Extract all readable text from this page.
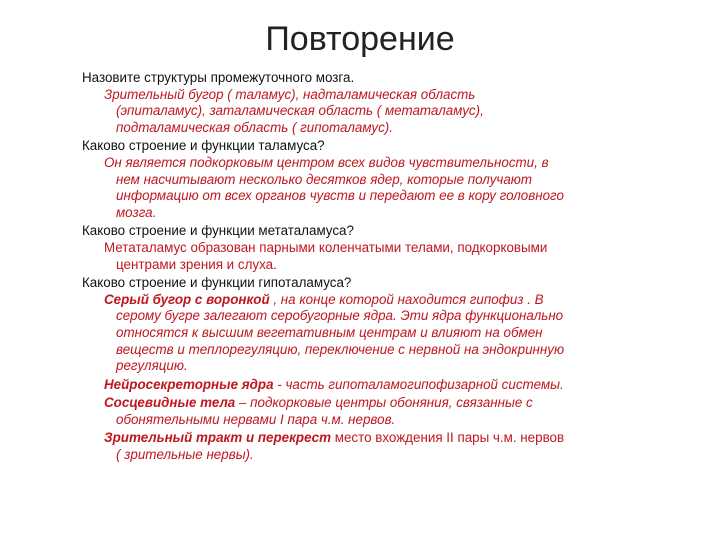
Повторение

Назовите структуры промежуточного мозга.

Зрительный бугор ( таламус), надталамическая область
(эпиталамус), заталамическая область ( метаталамус),
подталамическая область ( гипоталамус).

Каково строение и функции таламуса?

Он является подкорковым центром всех видов чувствительности, в
нем насчитывают несколько десятков ядер, которые получают
информацию от всех органов чувств и передают ее в кору головного
мозга.

Каково строение и функции метаталамуса?

Метаталамус образован парными коленчатыми телами, подкорковыми
центрами зрения и слуха.

Каково строение и функции гипоталамуса?

Серый бугор с воронкой , на конце которой находится гипофиз . В
серому бугре залегают серобугорные ядра. Эти ядра функционально
относятся к высшим вегетативным центрам и влияют на обмен
веществ и теплорегуляцию, переключение с нервной на эндокринную
регуляцию.

Нейросекреторные ядра - часть гипоталамогипофизарной системы.

Сосцевидные тела – подкорковые центры обоняния, связанные с
обонятельными нервами I пара ч.м. нервов.

Зрительный тракт и перекрест место вхождения II пары ч.м. нервов
( зрительные нервы).
